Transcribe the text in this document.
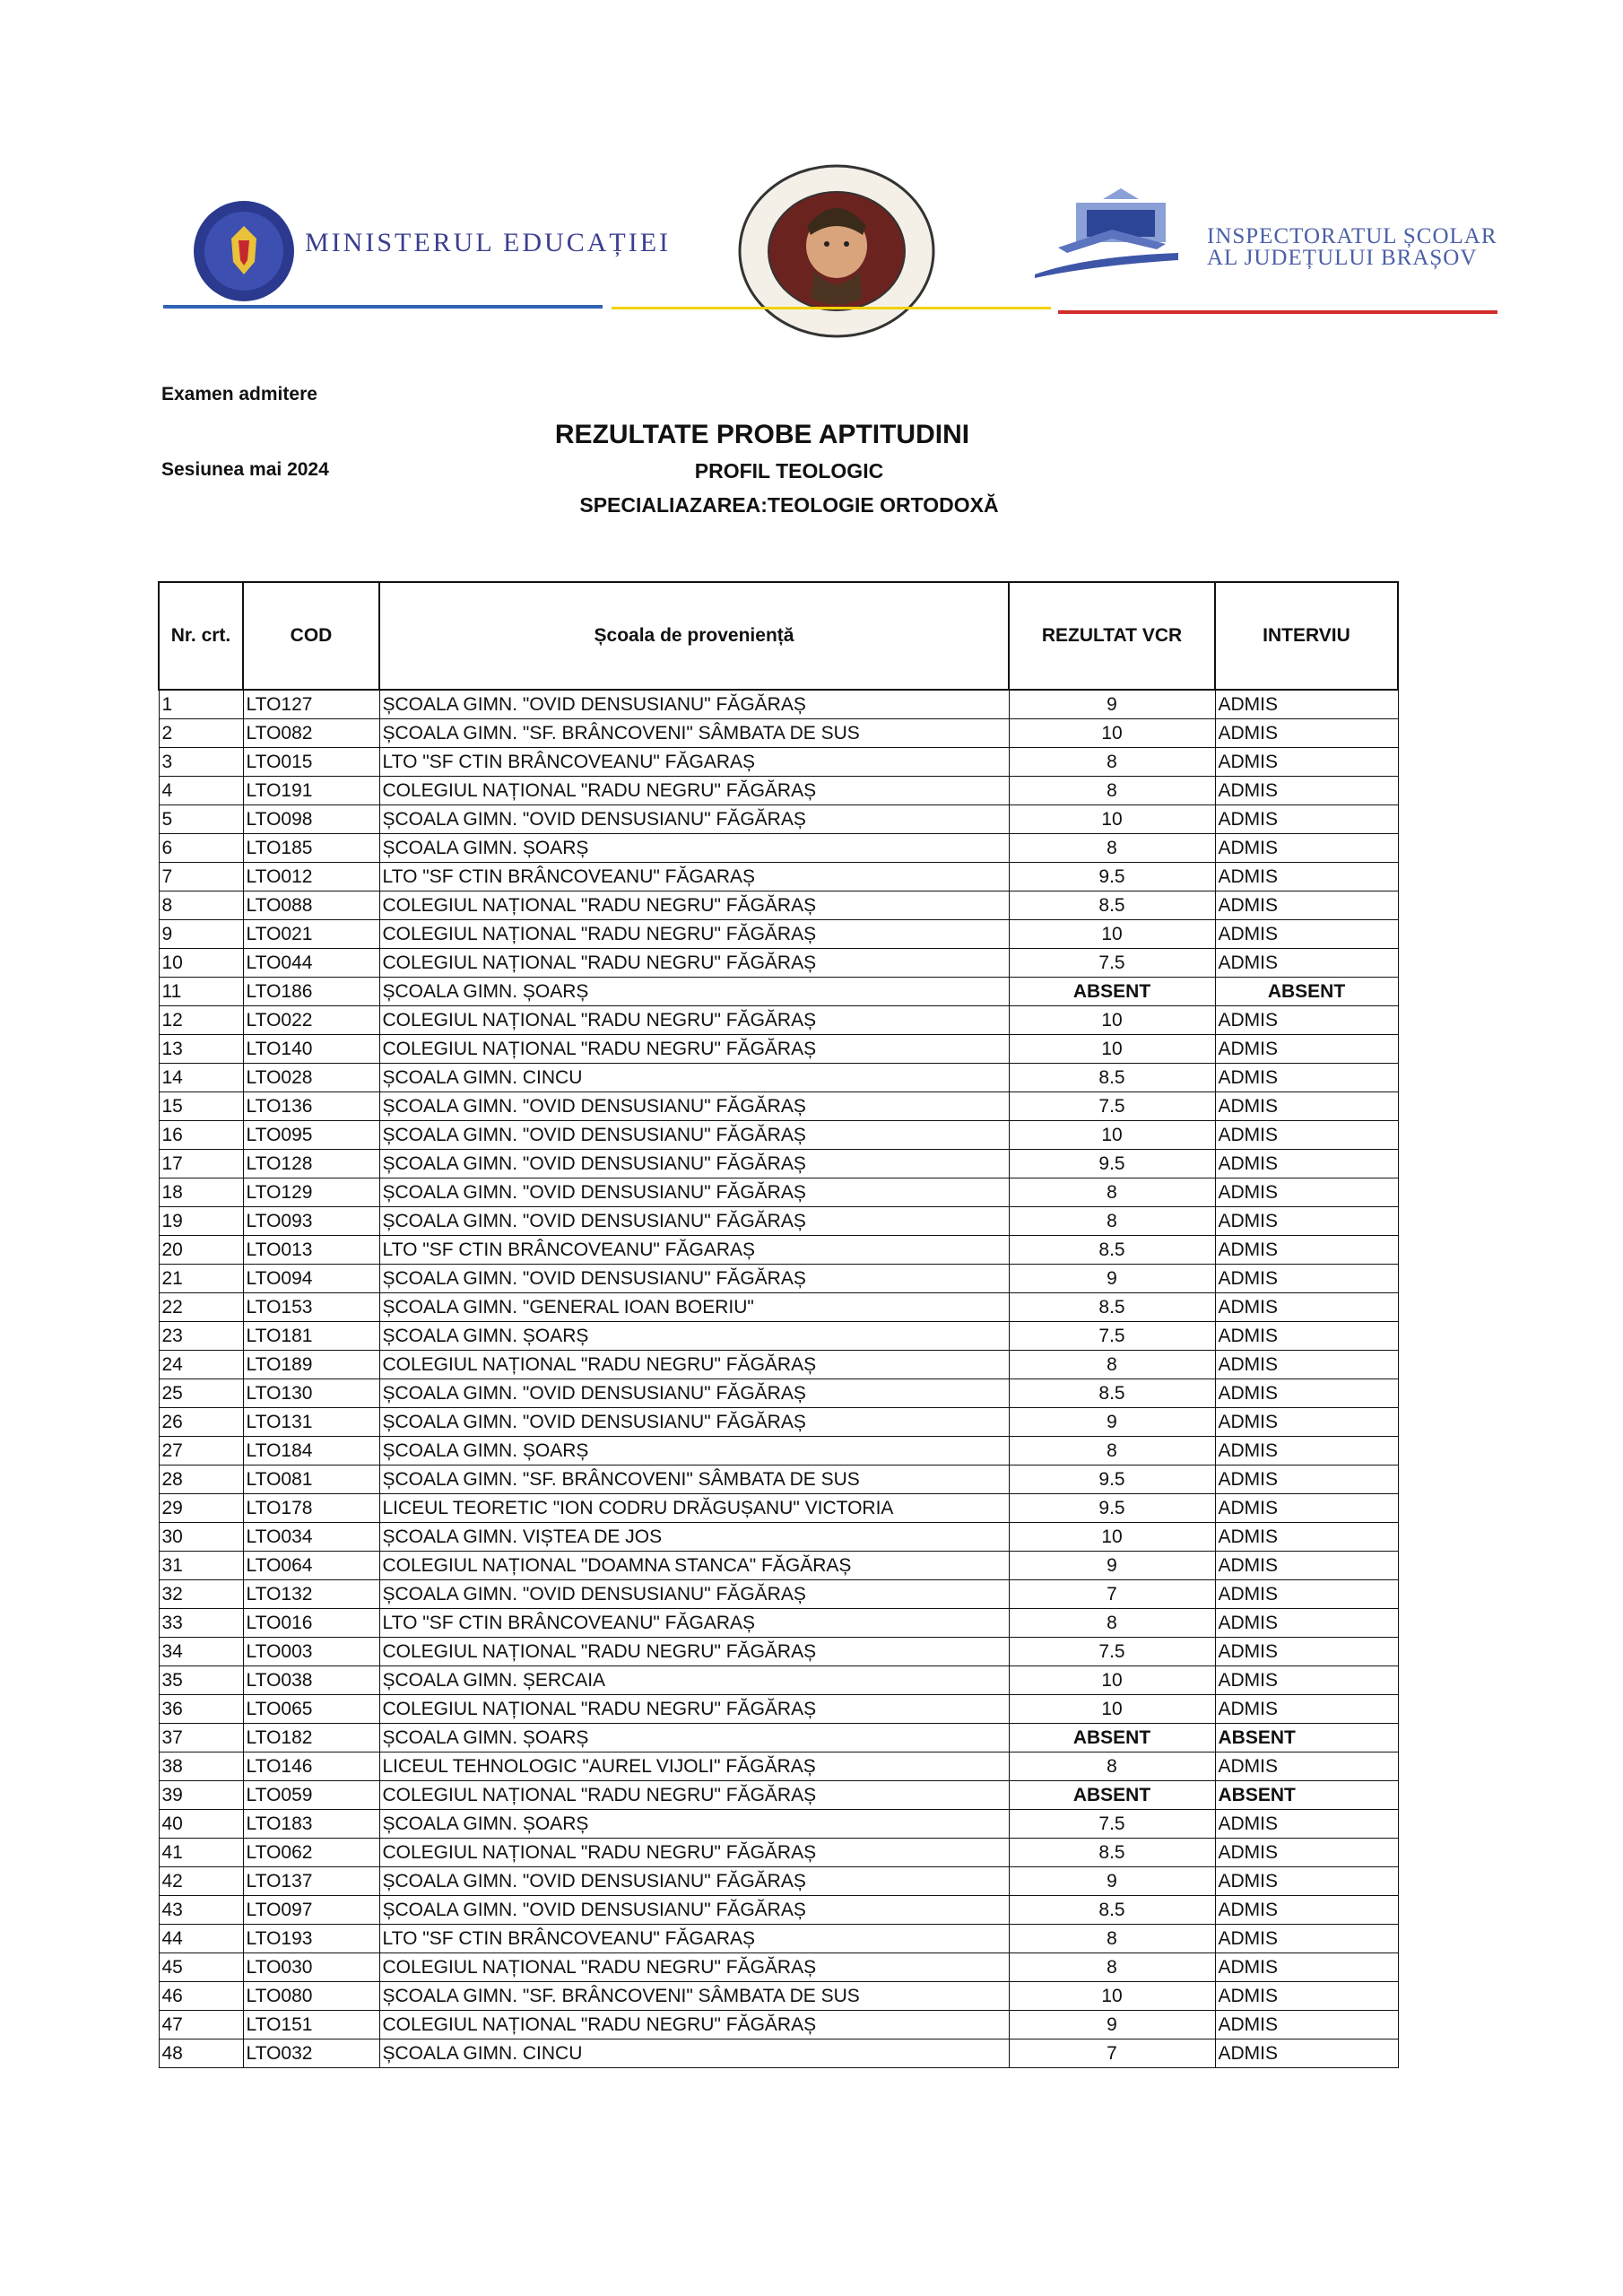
MINISTERUL EDUCAȚIEI	INSPECTORATUL ȘCOLAR
AL JUDEȚULUI BRAȘOV
Examen admitere
Sesiunea mai 2024
REZULTATE PROBE APTITUDINI
PROFIL TEOLOGIC
SPECIALIAZAREA:TEOLOGIE ORTODOXĂ
Nr. crt.	COD	Școala de proveniență	REZULTAT VCR	INTERVIU
1	LTO127	ȘCOALA GIMN. "OVID DENSUSIANU" FĂGĂRAȘ	9	ADMIS
2	LTO082	ȘCOALA GIMN. "SF. BRÂNCOVENI" SÂMBATA DE SUS	10	ADMIS
3	LTO015	LTO "SF CTIN BRÂNCOVEANU" FĂGARAȘ	8	ADMIS
4	LTO191	COLEGIUL NAȚIONAL "RADU NEGRU" FĂGĂRAȘ	8	ADMIS
5	LTO098	ȘCOALA GIMN. "OVID DENSUSIANU" FĂGĂRAȘ	10	ADMIS
6	LTO185	ȘCOALA GIMN. ȘOARȘ	8	ADMIS
7	LTO012	LTO "SF CTIN BRÂNCOVEANU" FĂGARAȘ	9.5	ADMIS
8	LTO088	COLEGIUL NAȚIONAL "RADU NEGRU" FĂGĂRAȘ	8.5	ADMIS
9	LTO021	COLEGIUL NAȚIONAL "RADU NEGRU" FĂGĂRAȘ	10	ADMIS
10	LTO044	COLEGIUL NAȚIONAL "RADU NEGRU" FĂGĂRAȘ	7.5	ADMIS
11	LTO186	ȘCOALA GIMN. ȘOARȘ	ABSENT	ABSENT
12	LTO022	COLEGIUL NAȚIONAL "RADU NEGRU" FĂGĂRAȘ	10	ADMIS
13	LTO140	COLEGIUL NAȚIONAL "RADU NEGRU" FĂGĂRAȘ	10	ADMIS
14	LTO028	ȘCOALA GIMN. CINCU	8.5	ADMIS
15	LTO136	ȘCOALA GIMN. "OVID DENSUSIANU" FĂGĂRAȘ	7.5	ADMIS
16	LTO095	ȘCOALA GIMN. "OVID DENSUSIANU" FĂGĂRAȘ	10	ADMIS
17	LTO128	ȘCOALA GIMN. "OVID DENSUSIANU" FĂGĂRAȘ	9.5	ADMIS
18	LTO129	ȘCOALA GIMN. "OVID DENSUSIANU" FĂGĂRAȘ	8	ADMIS
19	LTO093	ȘCOALA GIMN. "OVID DENSUSIANU" FĂGĂRAȘ	8	ADMIS
20	LTO013	LTO "SF CTIN BRÂNCOVEANU" FĂGARAȘ	8.5	ADMIS
21	LTO094	ȘCOALA GIMN. "OVID DENSUSIANU" FĂGĂRAȘ	9	ADMIS
22	LTO153	ȘCOALA GIMN. "GENERAL IOAN BOERIU"	8.5	ADMIS
23	LTO181	ȘCOALA GIMN. ȘOARȘ	7.5	ADMIS
24	LTO189	COLEGIUL NAȚIONAL "RADU NEGRU" FĂGĂRAȘ	8	ADMIS
25	LTO130	ȘCOALA GIMN. "OVID DENSUSIANU" FĂGĂRAȘ	8.5	ADMIS
26	LTO131	ȘCOALA GIMN. "OVID DENSUSIANU" FĂGĂRAȘ	9	ADMIS
27	LTO184	ȘCOALA GIMN. ȘOARȘ	8	ADMIS
28	LTO081	ȘCOALA GIMN. "SF. BRÂNCOVENI" SÂMBATA DE SUS	9.5	ADMIS
29	LTO178	LICEUL TEORETIC "ION CODRU DRĂGUȘANU" VICTORIA	9.5	ADMIS
30	LTO034	ȘCOALA GIMN. VIȘTEA DE JOS	10	ADMIS
31	LTO064	COLEGIUL NAȚIONAL "DOAMNA STANCA" FĂGĂRAȘ	9	ADMIS
32	LTO132	ȘCOALA GIMN. "OVID DENSUSIANU" FĂGĂRAȘ	7	ADMIS
33	LTO016	LTO "SF CTIN BRÂNCOVEANU" FĂGARAȘ	8	ADMIS
34	LTO003	COLEGIUL NAȚIONAL "RADU NEGRU" FĂGĂRAȘ	7.5	ADMIS
35	LTO038	ȘCOALA GIMN. ȘERCAIA	10	ADMIS
36	LTO065	COLEGIUL NAȚIONAL "RADU NEGRU" FĂGĂRAȘ	10	ADMIS
37	LTO182	ȘCOALA GIMN. ȘOARȘ	ABSENT	ABSENT
38	LTO146	LICEUL TEHNOLOGIC "AUREL VIJOLI" FĂGĂRAȘ	8	ADMIS
39	LTO059	COLEGIUL NAȚIONAL "RADU NEGRU" FĂGĂRAȘ	ABSENT	ABSENT
40	LTO183	ȘCOALA GIMN. ȘOARȘ	7.5	ADMIS
41	LTO062	COLEGIUL NAȚIONAL "RADU NEGRU" FĂGĂRAȘ	8.5	ADMIS
42	LTO137	ȘCOALA GIMN. "OVID DENSUSIANU" FĂGĂRAȘ	9	ADMIS
43	LTO097	ȘCOALA GIMN. "OVID DENSUSIANU" FĂGĂRAȘ	8.5	ADMIS
44	LTO193	LTO "SF CTIN BRÂNCOVEANU" FĂGARAȘ	8	ADMIS
45	LTO030	COLEGIUL NAȚIONAL "RADU NEGRU" FĂGĂRAȘ	8	ADMIS
46	LTO080	ȘCOALA GIMN. "SF. BRÂNCOVENI" SÂMBATA DE SUS	10	ADMIS
47	LTO151	COLEGIUL NAȚIONAL "RADU NEGRU" FĂGĂRAȘ	9	ADMIS
48	LTO032	ȘCOALA GIMN. CINCU	7	ADMIS
